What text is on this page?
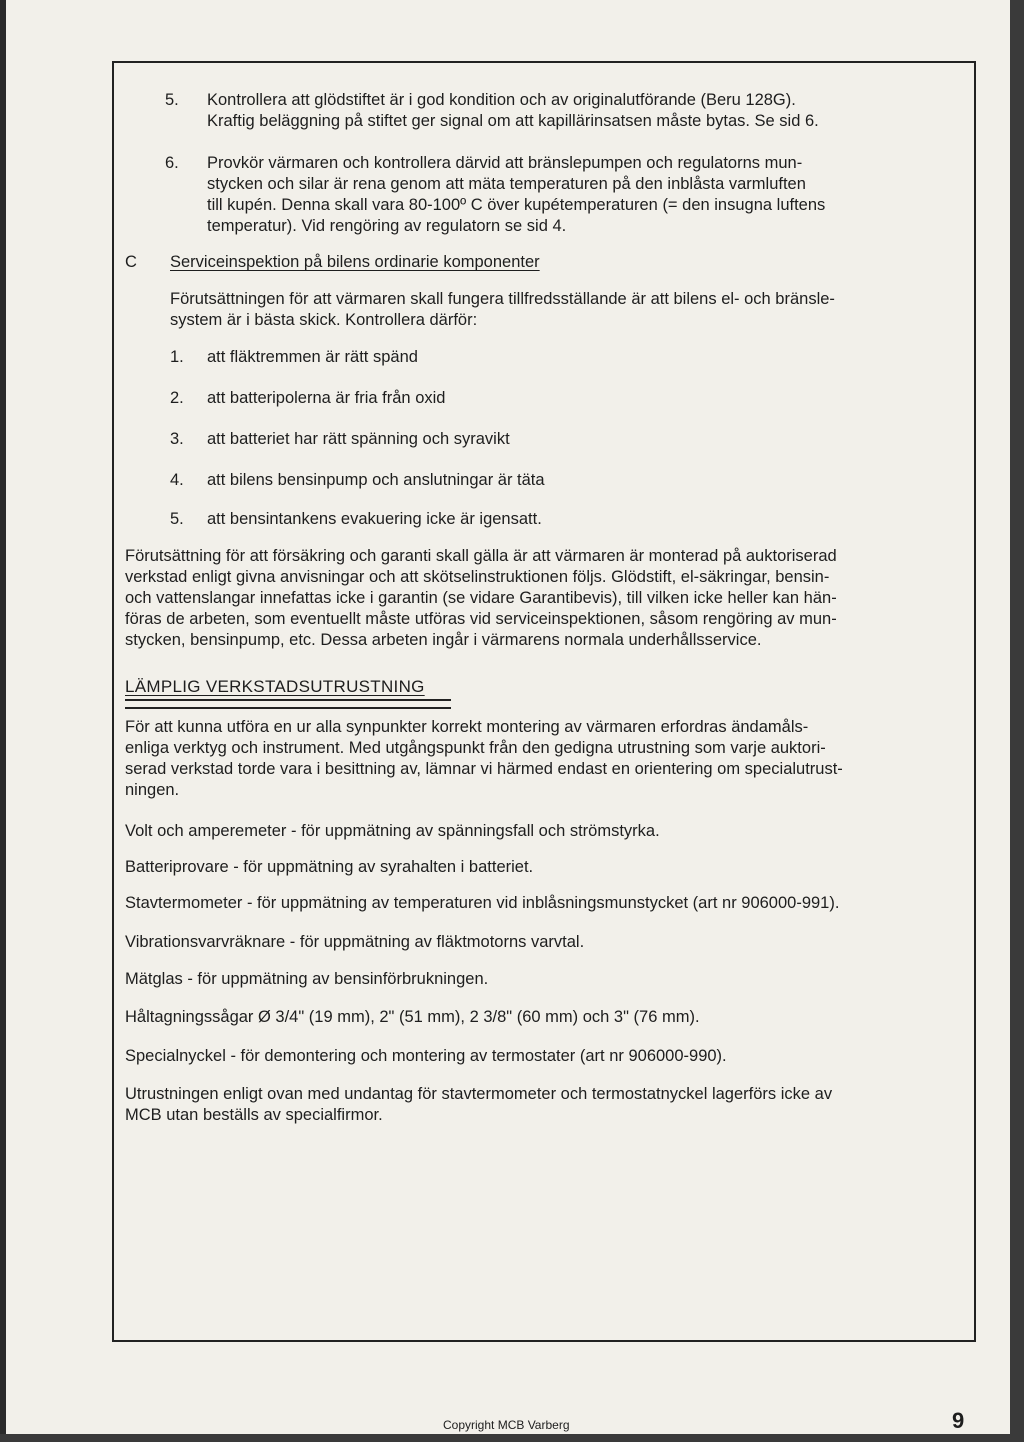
5. Kontrollera att glödstiftet är i god kondition och av originalutförande (Beru 128G).

Kraftig beläggning på stiftet ger signal om att kapillärinsatsen måste bytas. Se sid 6.

6. Provkör värmaren och kontrollera därvid att bränslepumpen och regulatorns mun-

stycken och silar är rena genom att mäta temperaturen på den inblåsta varmluften

till kupén. Denna skall vara 80-100º C över kupétemperaturen (= den insugna luftens

temperatur). Vid rengöring av regulatorn se sid 4.

C Serviceinspektion på bilens ordinarie komponenter

Förutsättningen för att värmaren skall fungera tillfredsställande är att bilens el- och bränsle-

system är i bästa skick. Kontrollera därför:

1. att fläktremmen är rätt spänd

2. att batteripolerna är fria från oxid

3. att batteriet har rätt spänning och syravikt

4. att bilens bensinpump och anslutningar är täta

5. att bensintankens evakuering icke är igensatt.

Förutsättning för att försäkring och garanti skall gälla är att värmaren är monterad på auktoriserad

verkstad enligt givna anvisningar och att skötselinstruktionen följs. Glödstift, el-säkringar, bensin-

och vattenslangar innefattas icke i garantin (se vidare Garantibevis), till vilken icke heller kan hän-

föras de arbeten, som eventuellt måste utföras vid serviceinspektionen, såsom rengöring av mun-

stycken, bensinpump, etc. Dessa arbeten ingår i värmarens normala underhållsservice.

LÄMPLIG VERKSTADSUTRUSTNING

För att kunna utföra en ur alla synpunkter korrekt montering av värmaren erfordras ändamåls-

enliga verktyg och instrument. Med utgångspunkt från den gedigna utrustning som varje auktori-

serad verkstad torde vara i besittning av, lämnar vi härmed endast en orientering om specialutrust-

ningen.

Volt och amperemeter - för uppmätning av spänningsfall och strömstyrka.

Batteriprovare - för uppmätning av syrahalten i batteriet.

Stavtermometer - för uppmätning av temperaturen vid inblåsningsmunstycket (art nr 906000-991).

Vibrationsvarvräknare - för uppmätning av fläktmotorns varvtal.

Mätglas - för uppmätning av bensinförbrukningen.

Håltagningssågar Ø 3/4" (19 mm), 2" (51 mm), 2 3/8" (60 mm) och 3" (76 mm).

Specialnyckel - för demontering och montering av termostater (art nr 906000-990).

Utrustningen enligt ovan med undantag för stavtermometer och termostatnyckel lagerförs icke av

MCB utan beställs av specialfirmor.

Copyright MCB Varberg	9
